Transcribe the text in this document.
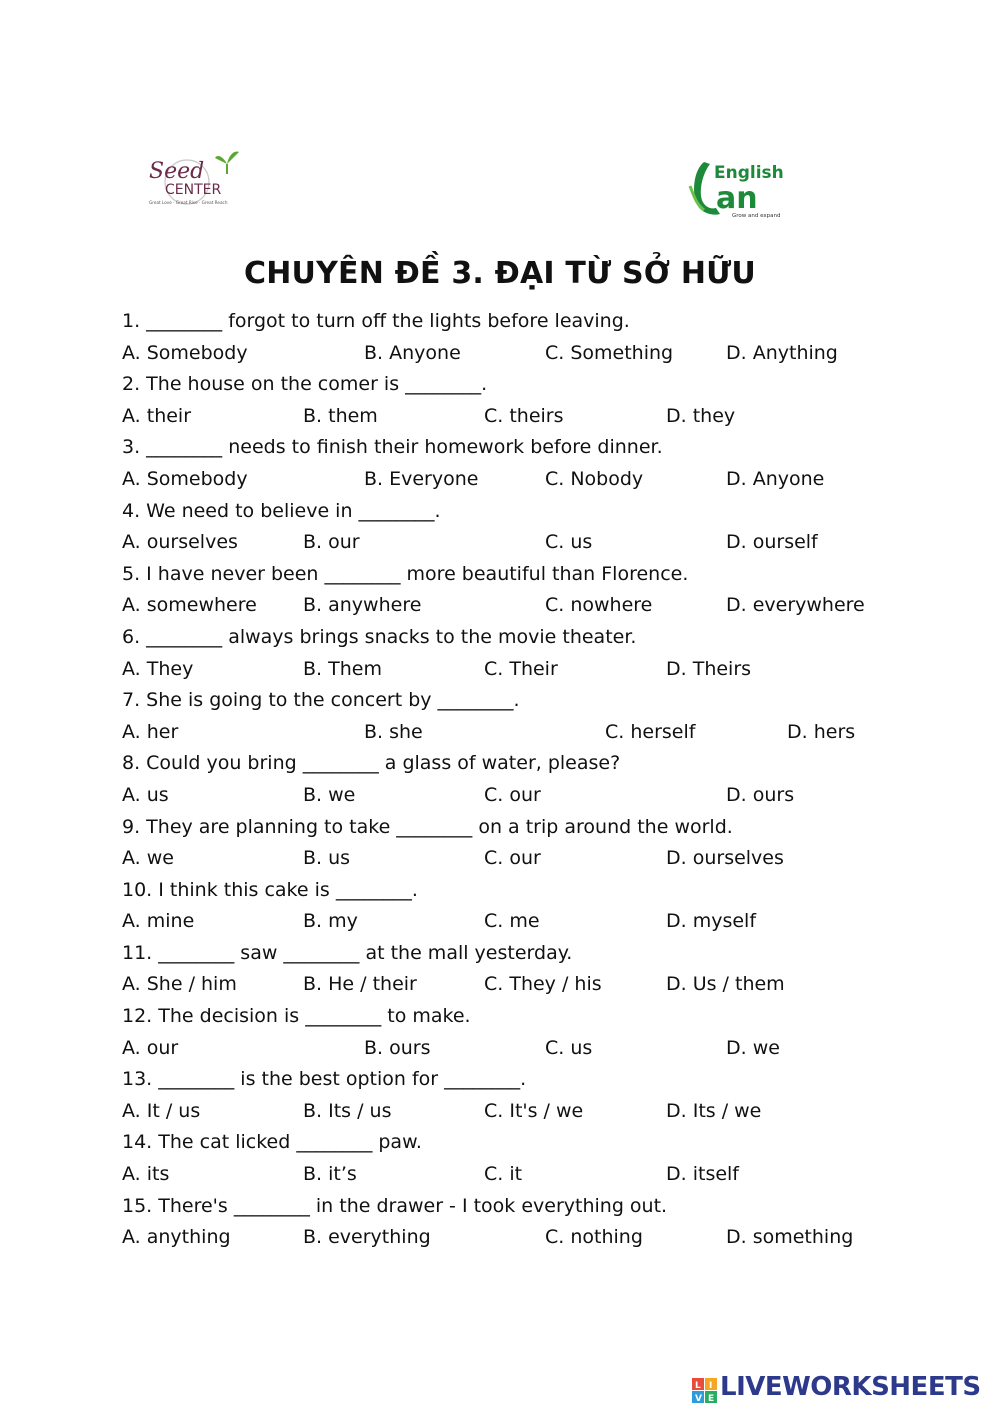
Seed
CENTER
Great Love · Great Rise · Great Reach
English
an
Grow and expand
CHUYÊN ĐỀ 3. ĐẠI TỪ SỞ HỮU
1. ________ forgot to turn off the lights before leaving.
A. Somebody	B. Anyone	C. Something	D. Anything
2. The house on the comer is ________.
A. their	B. them	C. theirs	D. they
3. ________ needs to finish their homework before dinner.
A. Somebody	B. Everyone	C. Nobody	D. Anyone
4. We need to believe in ________.
A. ourselves	B. our	C. us	D. ourself
5. I have never been ________ more beautiful than Florence.
A. somewhere B. anywhere	C. nowhere	D. everywhere
6. ________ always brings snacks to the movie theater.
A. They	B. Them	C. Their	D. Theirs
7. She is going to the concert by ________.
A. her	B. she	C. herself	D. hers
8. Could you bring ________ a glass of water, please?
A. us	B. we	C. our	D. ours
9. They are planning to take ________ on a trip around the world.
A. we	B. us	C. our	D. ourselves
10. I think this cake is ________.
A. mine	B. my	C. me	D. myself
11. ________ saw ________ at the mall yesterday.
A. She / him	B. He / their	C. They / his	D. Us / them
12. The decision is ________ to make.
A. our	B. ours	C. us	D. we
13. ________ is the best option for ________.
A. It / us	B. Its / us	C. It's / we	D. Its / we
14. The cat licked ________ paw.
A. its	B. it’s	C. it	D. itself
15. There's ________ in the drawer - I took everything out.
A. anything	B. everything	C. nothing	D. something
L I
V E LIVEWORKSHEETS
